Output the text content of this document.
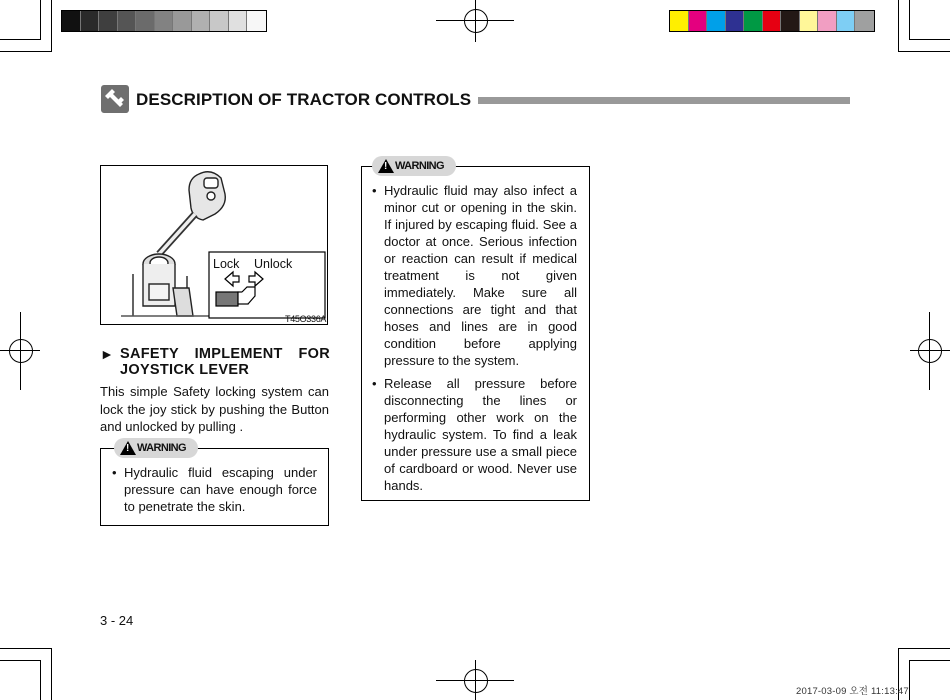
DESCRIPTION OF TRACTOR CONTROLS
Lock Unlock
T45O336A
► SAFETY IMPLEMENT FOR JOYSTICK LEVER
This simple Safety locking system can lock the joy stick by pushing the Button and unlocked by pulling .
! WARNING
• Hydraulic fluid escaping under pressure can have enough force to penetrate the skin.
! WARNING
• Hydraulic fluid may also infect a minor cut or opening in the skin. If injured by escaping fluid. See a doctor at once. Serious infection or reaction can result if medical treatment is not given immediately. Make sure all connections are tight and that hoses and lines are in good condition before applying pressure to the system.
• Release all pressure before disconnecting the lines or performing other work on the hydraulic system. To find a leak under pressure use a small piece of cardboard or wood. Never use hands.
3 - 24
2017-03-09 오전 11:13:47
